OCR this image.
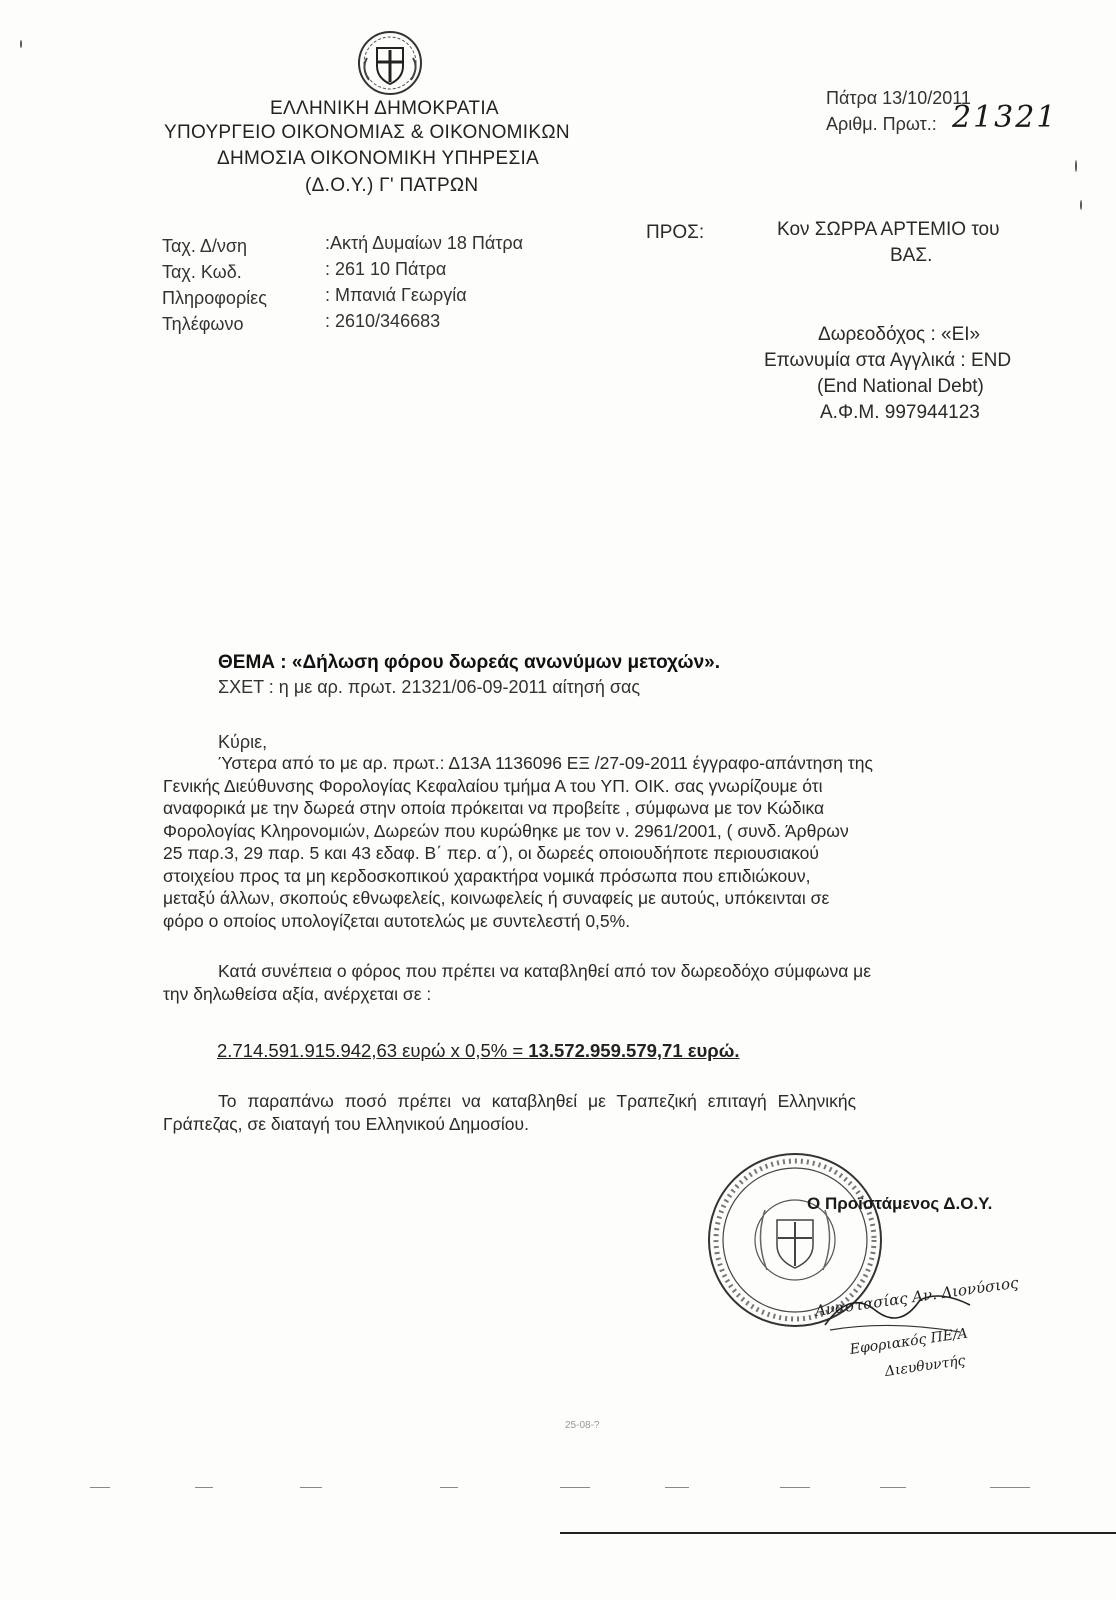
ΕΛΛΗΝΙΚΗ ΔΗΜΟΚΡΑΤΙΑ
ΥΠΟΥΡΓΕΙΟ ΟΙΚΟΝΟΜΙΑΣ & ΟΙΚΟΝΟΜΙΚΩΝ
ΔΗΜΟΣΙΑ ΟΙΚΟΝΟΜΙΚΗ ΥΠΗΡΕΣΙΑ
(Δ.Ο.Υ.) Γ' ΠΑΤΡΩΝ
Ταχ. Δ/νση	:Ακτή Δυμαίων 18 Πάτρα
Ταχ. Κωδ.	: 261 10 Πάτρα
Πληροφορίες	: Μπανιά Γεωργία
Τηλέφωνο	: 2610/346683
Πάτρα 13/10/2011
Αριθμ. Πρωτ.: 21321
ΠΡΟΣ:	Κον ΣΩΡΡΑ ΑΡΤΕΜΙΟ του
ΒΑΣ.
Δωρεοδόχος : «ΕΙ»
Επωνυμία στα Αγγλικά : END
(End National Debt)
Α.Φ.Μ. 997944123
ΘΕΜΑ : «Δήλωση φόρου δωρεάς ανωνύμων μετοχών».
ΣΧΕΤ : η με αρ. πρωτ. 21321/06-09-2011 αίτησή σας
Κύριε,
Ύστερα από το με αρ. πρωτ.: Δ13Α 1136096 ΕΞ /27-09-2011 έγγραφο-απάντηση της
Γενικής Διεύθυνσης Φορολογίας Κεφαλαίου τμήμα Α του ΥΠ. ΟΙΚ. σας γνωρίζουμε ότι
αναφορικά με την δωρεά στην οποία πρόκειται να προβείτε , σύμφωνα με τον Κώδικα
Φορολογίας Κληρονομιών, Δωρεών που κυρώθηκε με τον ν. 2961/2001, ( συνδ. Άρθρων
25 παρ.3, 29 παρ. 5 και 43 εδαφ. Β΄ περ. α΄), οι δωρεές οποιουδήποτε περιουσιακού
στοιχείου προς τα μη κερδοσκοπικού χαρακτήρα νομικά πρόσωπα που επιδιώκουν,
μεταξύ άλλων, σκοπούς εθνωφελείς, κοινωφελείς ή συναφείς με αυτούς, υπόκεινται σε
φόρο ο οποίος υπολογίζεται αυτοτελώς με συντελεστή 0,5%.
Κατά συνέπεια ο φόρος που πρέπει να καταβληθεί από τον δωρεοδόχο σύμφωνα με
την δηλωθείσα αξία, ανέρχεται σε :
2.714.591.915.942,63 ευρώ x 0,5% = 13.572.959.579,71 ευρώ.
Το παραπάνω ποσό πρέπει να καταβληθεί με Τραπεζική επιταγή Ελληνικής
Γράπεζας, σε διαταγή του Ελληνικού Δημοσίου.
Ο Προϊστάμενος Δ.Ο.Υ.
Αναστασίας Αν. Διονύσιος
Εφοριακός ΠΕ/Α
Διευθυντής
25-08-?
